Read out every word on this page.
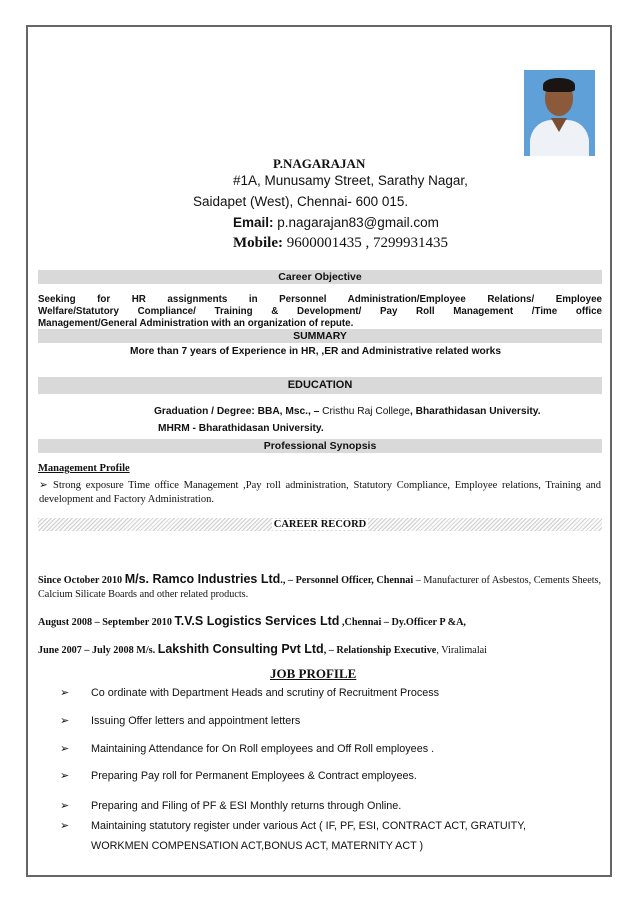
P.NAGARAJAN
#1A, Munusamy Street, Sarathy Nagar,
Saidapet (West), Chennai- 600 015.
Email: p.nagarajan83@gmail.com
Mobile: 9600001435 , 7299931435
Career Objective
Seeking for HR assignments in Personnel Administration/Employee Relations/ Employee
Welfare/Statutory Compliance/ Training & Development/ Pay Roll Management /Time office
Management/General Administration with an organization of repute.
SUMMARY
More than 7 years of Experience in HR, ,ER and Administrative related works
EDUCATION
Graduation / Degree: BBA, Msc., – Cristhu Raj College, Bharathidasan University.
MHRM - Bharathidasan University.
Professional Synopsis
Management Profile
➢ Strong exposure Time office Management ,Pay roll administration, Statutory Compliance, Employee relations, Training and development and Factory Administration.
CAREER RECORD
Since October 2010 M/s. Ramco Industries Ltd., – Personnel Officer, Chennai – Manufacturer of Asbestos, Cements Sheets, Calcium Silicate Boards and other related products.
August 2008 – September 2010 T.V.S Logistics Services Ltd ,Chennai – Dy.Officer P &A,
June 2007 – July 2008 M/s. Lakshith Consulting Pvt Ltd, – Relationship Executive, Viralimalai
JOB PROFILE
➢ Co ordinate with Department Heads and scrutiny of Recruitment Process
➢ Issuing Offer letters and appointment letters
➢ Maintaining Attendance for On Roll employees and Off Roll employees .
➢ Preparing Pay roll for Permanent Employees & Contract employees.
➢ Preparing and Filing of PF & ESI Monthly returns through Online.
➢ Maintaining statutory register under various Act ( IF, PF, ESI, CONTRACT ACT, GRATUITY,
WORKMEN COMPENSATION ACT,BONUS ACT, MATERNITY ACT )
